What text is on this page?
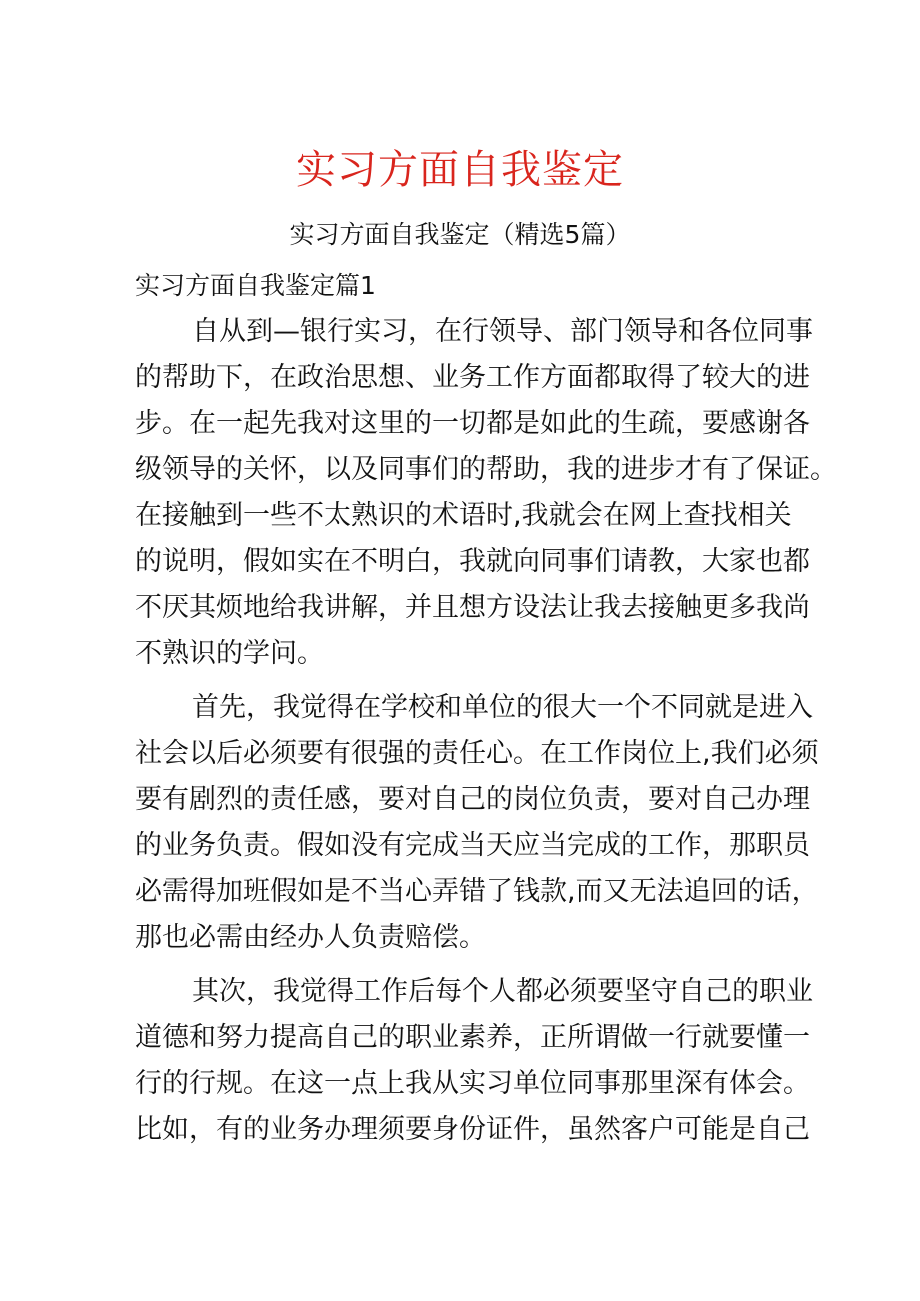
实习方面自我鉴定
实习方面自我鉴定（精选5篇）
实习方面自我鉴定篇1
自从到—银行实习，在行领导、部门领导和各位同事
的帮助下，在政治思想、业务工作方面都取得了较大的进
步。在一起先我对这里的一切都是如此的生疏，要感谢各
级领导的关怀，以及同事们的帮助，我的进步才有了保证。
在接触到一些不太熟识的术语时,我就会在网上查找相关
的说明，假如实在不明白，我就向同事们请教，大家也都
不厌其烦地给我讲解，并且想方设法让我去接触更多我尚
不熟识的学问。
首先，我觉得在学校和单位的很大一个不同就是进入
社会以后必须要有很强的责任心。在工作岗位上,我们必须
要有剧烈的责任感，要对自己的岗位负责，要对自己办理
的业务负责。假如没有完成当天应当完成的工作，那职员
必需得加班假如是不当心弄错了钱款,而又无法追回的话，
那也必需由经办人负责赔偿。
其次，我觉得工作后每个人都必须要坚守自己的职业
道德和努力提高自己的职业素养，正所谓做一行就要懂一
行的行规。在这一点上我从实习单位同事那里深有体会。
比如，有的业务办理须要身份证件，虽然客户可能是自己
